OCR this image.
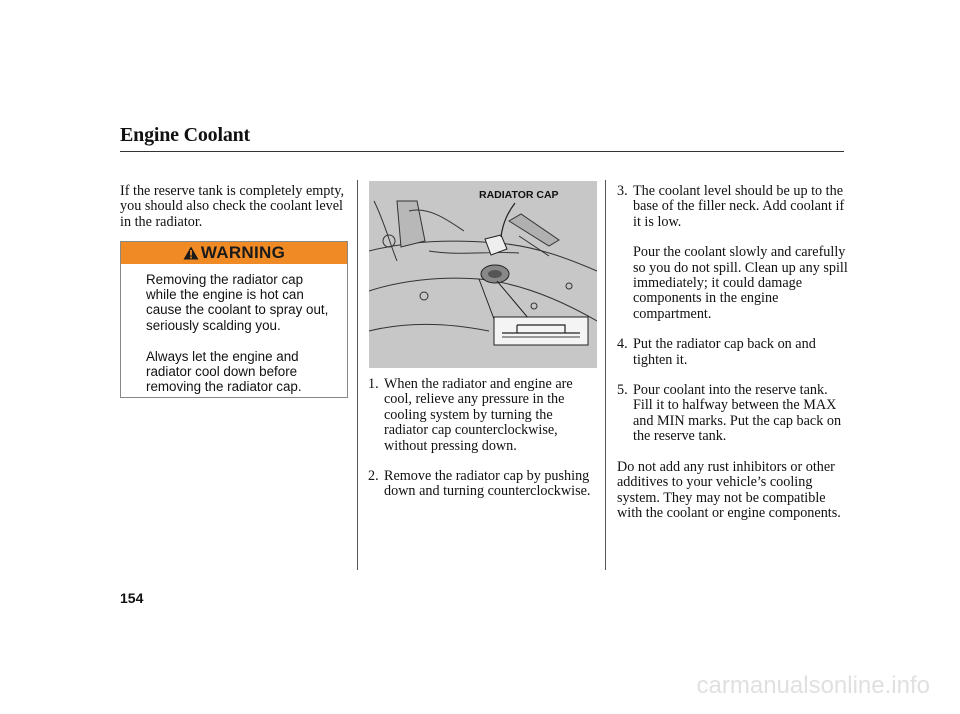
Engine Coolant

If the reserve tank is completely empty, you should also check the coolant level in the radiator.

WARNING

Removing the radiator cap while the engine is hot can cause the coolant to spray out, seriously scalding you.

Always let the engine and radiator cool down before removing the radiator cap.

RADIATOR CAP
1. When the radiator and engine are cool, relieve any pressure in the cooling system by turning the radiator cap counterclockwise, without pressing down.
2. Remove the radiator cap by pushing down and turning counterclockwise.
3. The coolant level should be up to the base of the filler neck. Add coolant if it is low.

Pour the coolant slowly and carefully so you do not spill. Clean up any spill immediately; it could damage components in the engine compartment.

4. Put the radiator cap back on and tighten it.
5. Pour coolant into the reserve tank. Fill it to halfway between the MAX and MIN marks. Put the cap back on the reserve tank.

Do not add any rust inhibitors or other additives to your vehicle’s cooling system. They may not be compatible with the coolant or engine components.

154
carmanualsonline.info
